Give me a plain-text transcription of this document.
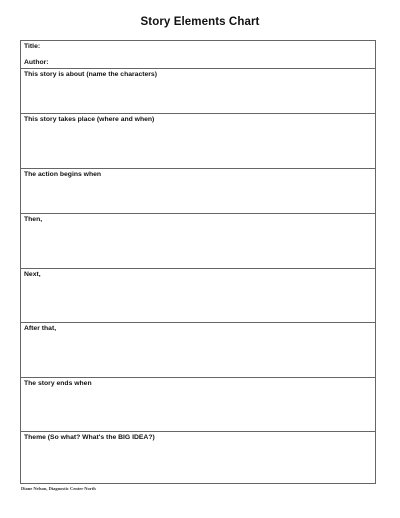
Story Elements Chart
Title:
Author:
This story is about (name the characters)
This story takes place (where and when)
The action begins when
Then,
Next,
After that,
The story ends when
Theme (So what? What's the BIG IDEA?)
Diane Nelson, Diagnostic Center North
